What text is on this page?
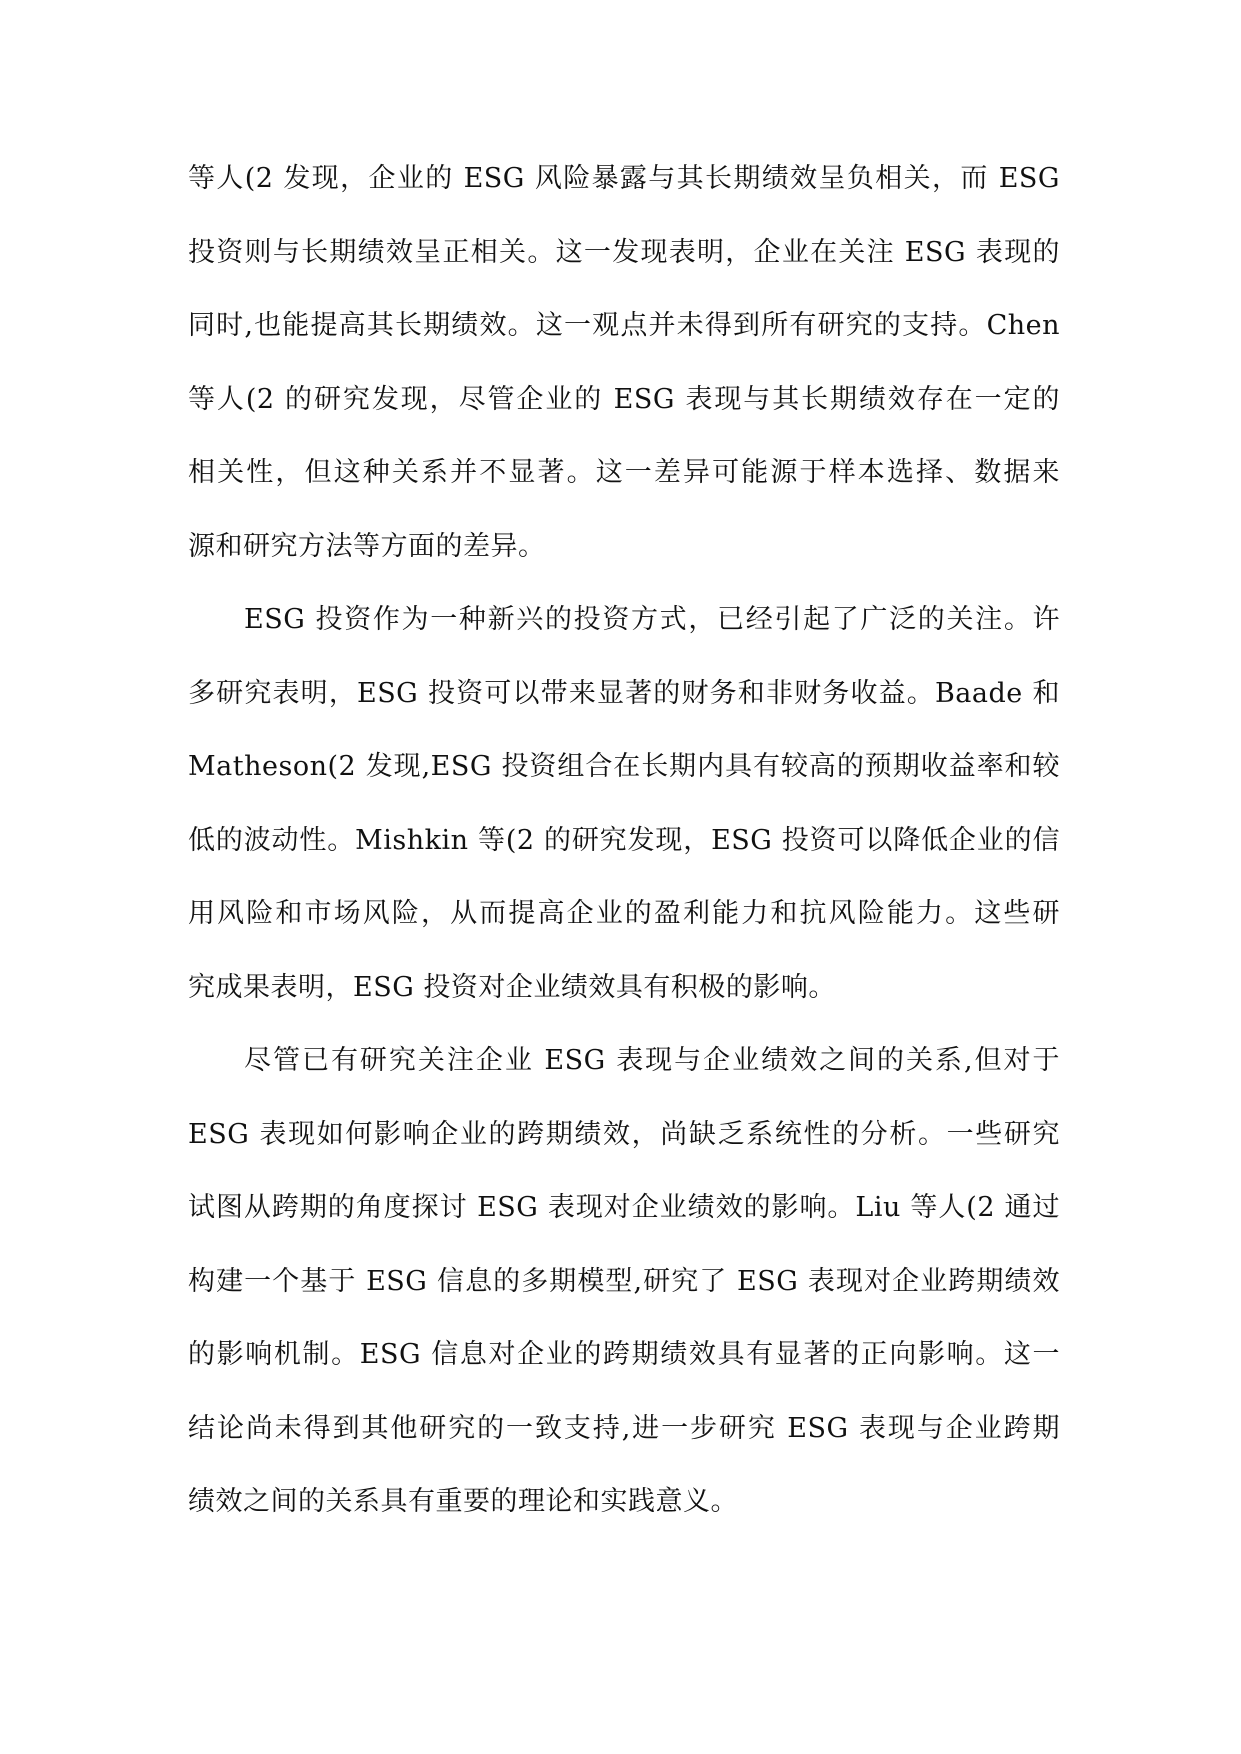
等人(2 发现，企业的 ESG 风险暴露与其长期绩效呈负相关，而 ESG
投资则与长期绩效呈正相关。这一发现表明，企业在关注 ESG 表现的
同时,也能提高其长期绩效。这一观点并未得到所有研究的支持。Chen
等人(2 的研究发现，尽管企业的 ESG 表现与其长期绩效存在一定的
相关性，但这种关系并不显著。这一差异可能源于样本选择、数据来
源和研究方法等方面的差异。

ESG 投资作为一种新兴的投资方式，已经引起了广泛的关注。许
多研究表明，ESG 投资可以带来显著的财务和非财务收益。Baade 和
Matheson(2 发现,ESG 投资组合在长期内具有较高的预期收益率和较
低的波动性。Mishkin 等(2 的研究发现，ESG 投资可以降低企业的信
用风险和市场风险，从而提高企业的盈利能力和抗风险能力。这些研
究成果表明，ESG 投资对企业绩效具有积极的影响。

尽管已有研究关注企业 ESG 表现与企业绩效之间的关系,但对于
ESG 表现如何影响企业的跨期绩效，尚缺乏系统性的分析。一些研究
试图从跨期的角度探讨 ESG 表现对企业绩效的影响。Liu 等人(2 通过
构建一个基于 ESG 信息的多期模型,研究了 ESG 表现对企业跨期绩效
的影响机制。ESG 信息对企业的跨期绩效具有显著的正向影响。这一
结论尚未得到其他研究的一致支持,进一步研究 ESG 表现与企业跨期
绩效之间的关系具有重要的理论和实践意义。
